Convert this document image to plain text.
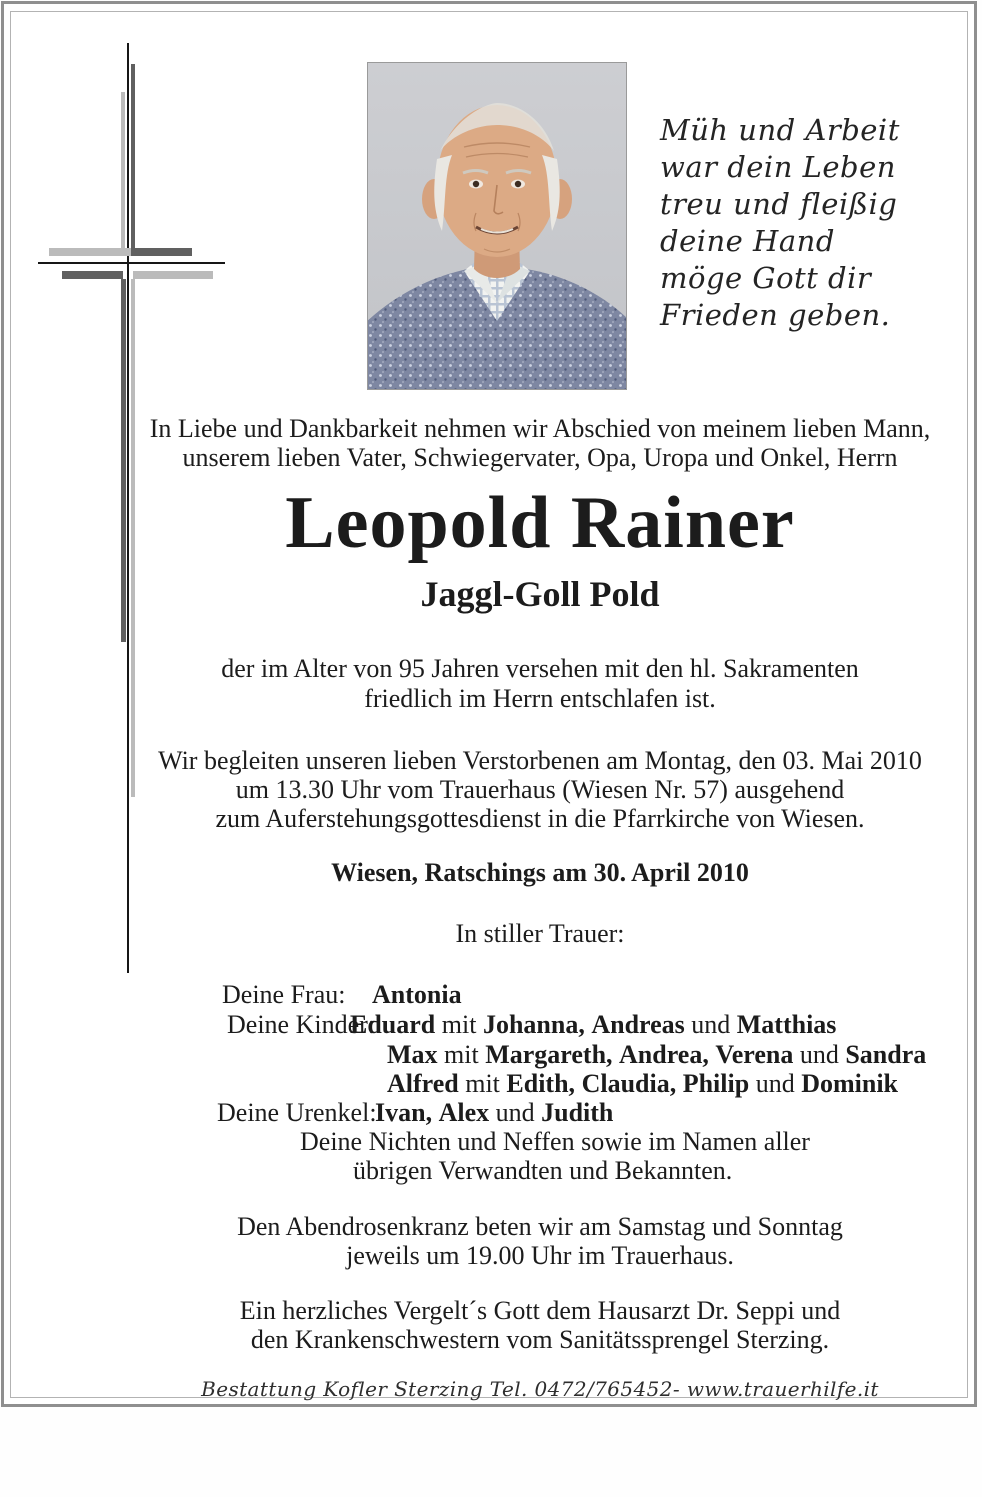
Müh und Arbeit
war dein Leben
treu und fleißig
deine Hand
möge Gott dir
Frieden geben.
In Liebe und Dankbarkeit nehmen wir Abschied von meinem lieben Mann,
unserem lieben Vater, Schwiegervater, Opa, Uropa und Onkel, Herrn
Leopold Rainer
Jaggl-Goll Pold
der im Alter von 95 Jahren versehen mit den hl. Sakramenten
friedlich im Herrn entschlafen ist.
Wir begleiten unseren lieben Verstorbenen am Montag, den 03. Mai 2010
um 13.30 Uhr vom Trauerhaus (Wiesen Nr. 57) ausgehend
zum Auferstehungsgottesdienst in die Pfarrkirche von Wiesen.
Wiesen, Ratschings am 30. April 2010
In stiller Trauer:
Deine Frau: Antonia
Deine Kinder:
Eduard mit Johanna, Andreas und Matthias
Max mit Margareth, Andrea, Verena und Sandra
Alfred mit Edith, Claudia, Philip und Dominik
Deine Urenkel:
Ivan, Alex und Judith
Deine Nichten und Neffen sowie im Namen aller
übrigen Verwandten und Bekannten.
Den Abendrosenkranz beten wir am Samstag und Sonntag
jeweils um 19.00 Uhr im Trauerhaus.
Ein herzliches Vergelt´s Gott dem Hausarzt Dr. Seppi und
den Krankenschwestern vom Sanitätssprengel Sterzing.
Bestattung Kofler Sterzing Tel. 0472/765452- www.trauerhilfe.it
